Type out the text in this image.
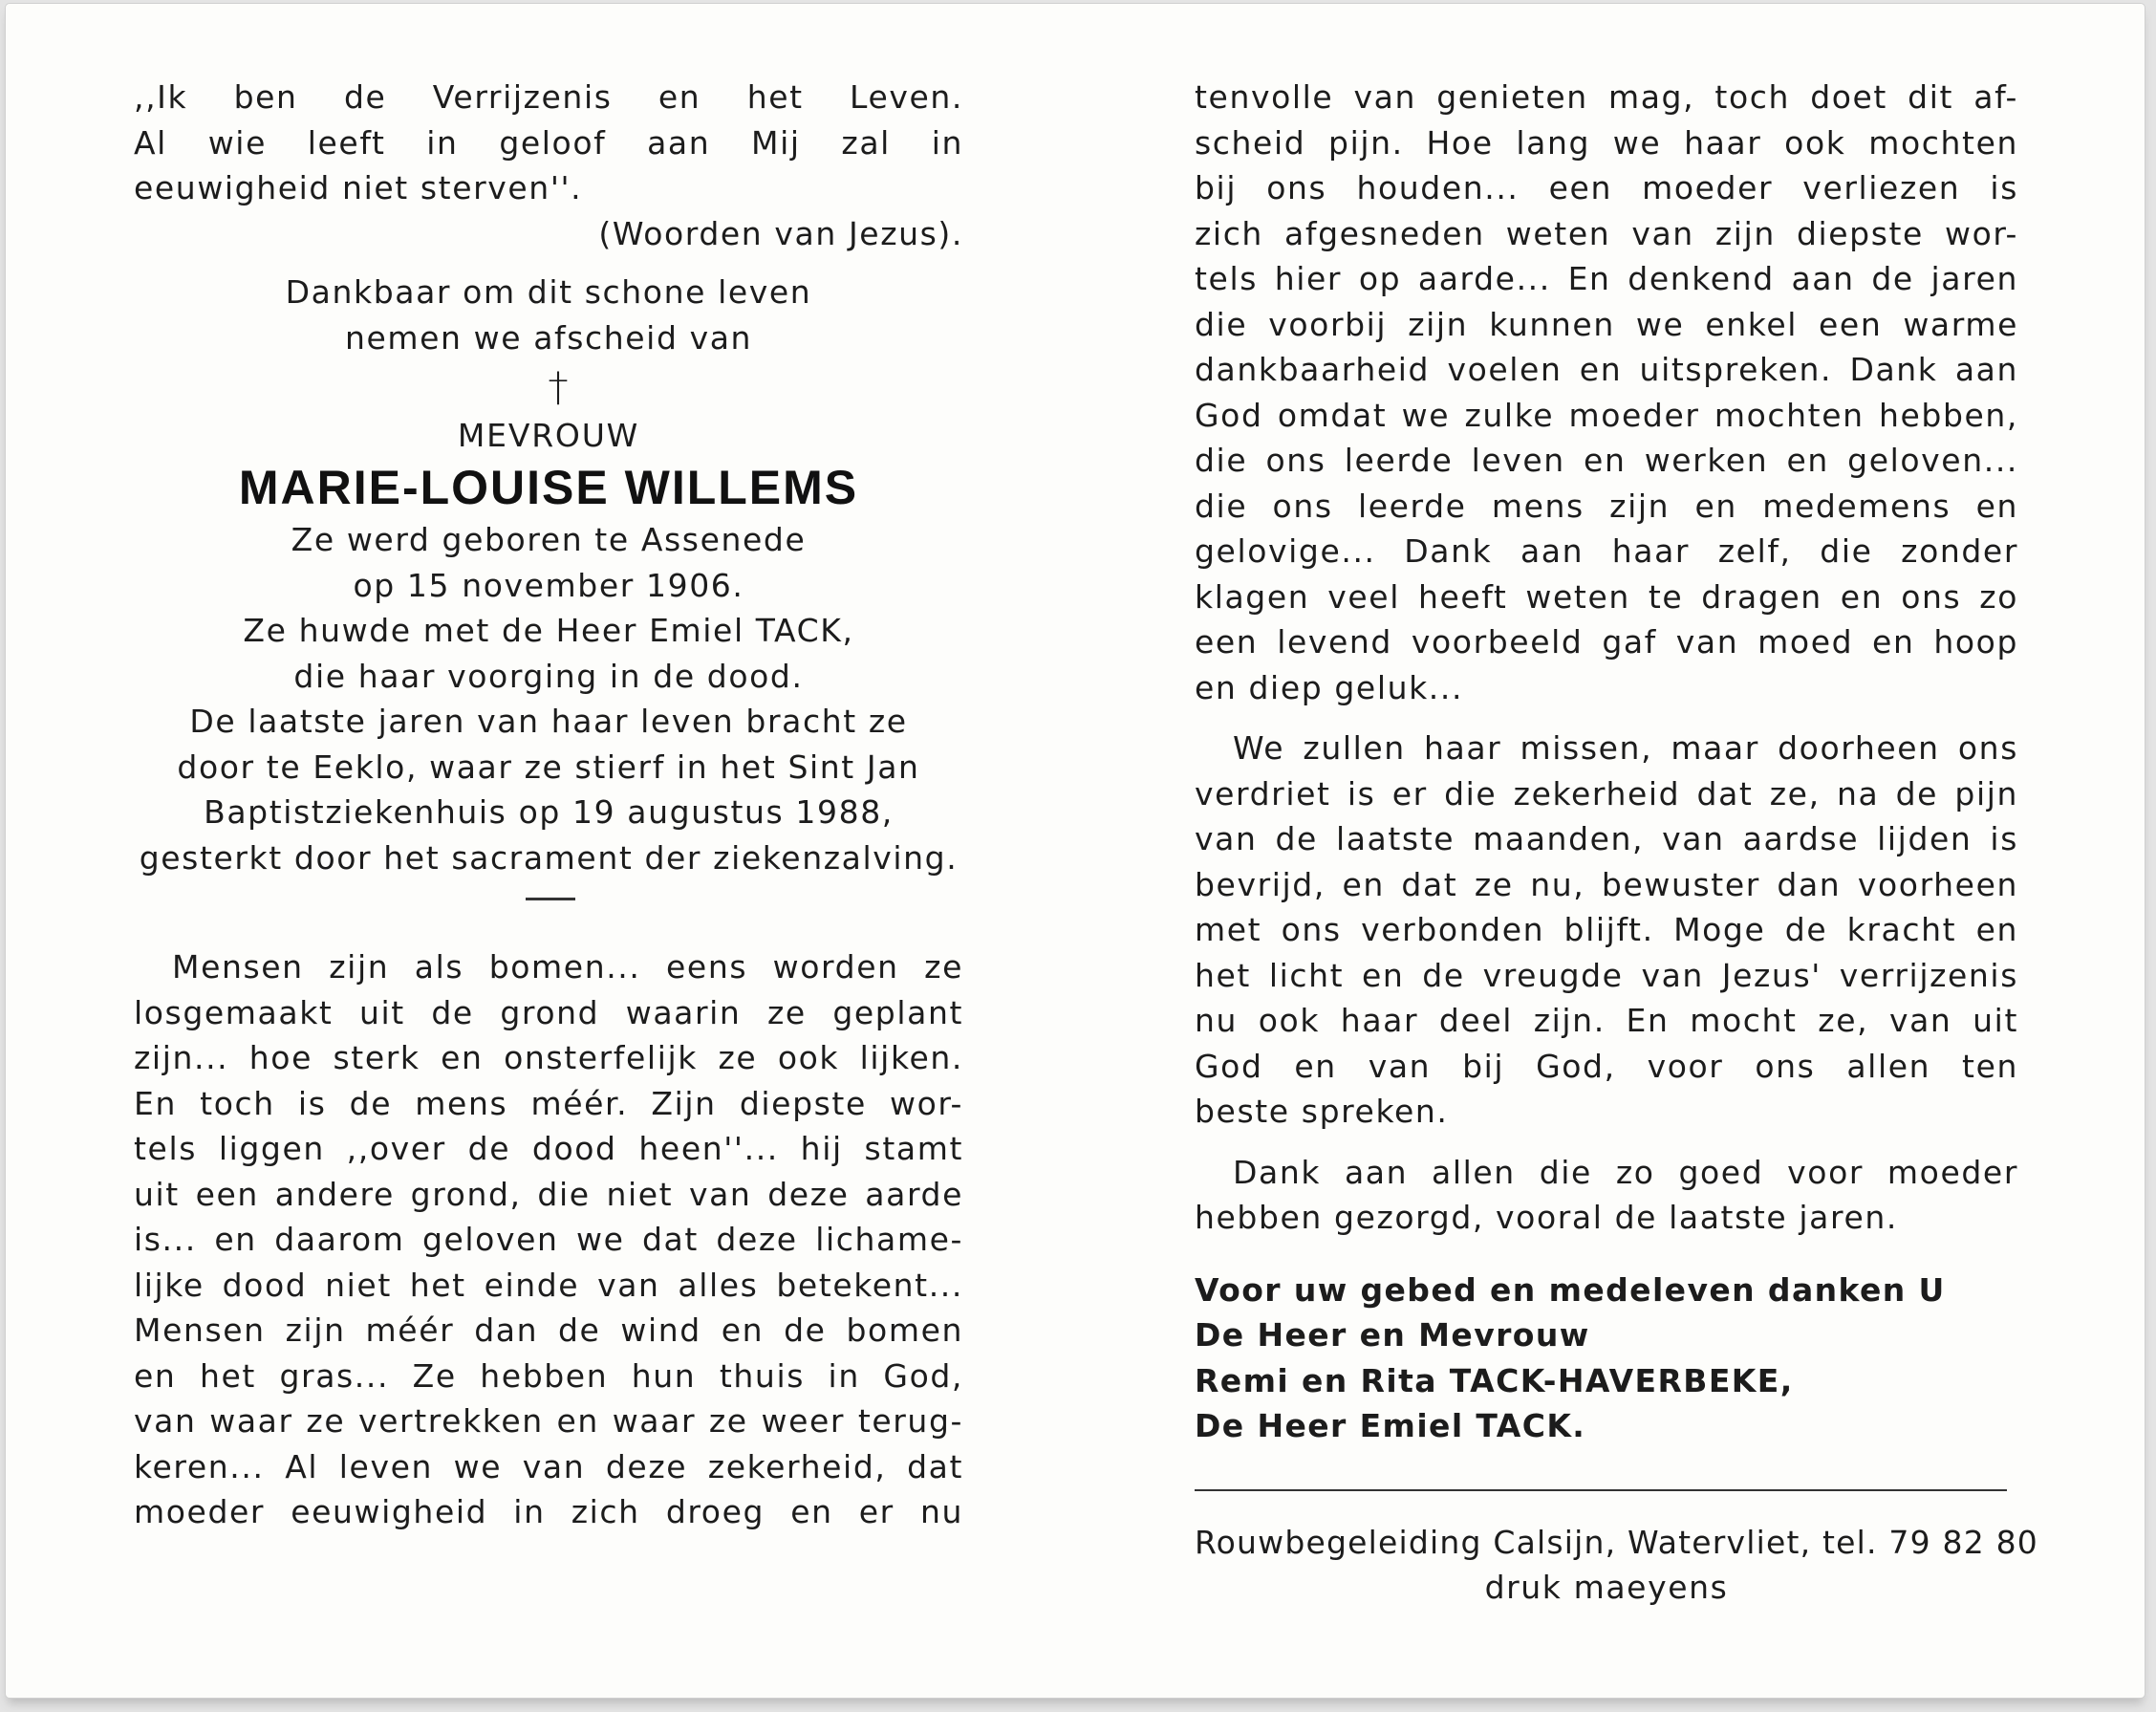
,,Ik ben de Verrijzenis en het Leven.
Al wie leeft in geloof aan Mij zal in
eeuwigheid niet sterven''.
(Woorden van Jezus).
Dankbaar om dit schone leven
nemen we afscheid van
†
MEVROUW
MARIE-LOUISE WILLEMS
Ze werd geboren te Assenede
op 15 november 1906.
Ze huwde met de Heer Emiel TACK,
die haar voorging in de dood.
De laatste jaren van haar leven bracht ze
door te Eeklo, waar ze stierf in het Sint Jan
Baptistziekenhuis op 19 augustus 1988,
gesterkt door het sacrament der ziekenzalving.
Mensen zijn als bomen... eens worden ze
losgemaakt uit de grond waarin ze geplant
zijn... hoe sterk en onsterfelijk ze ook lijken.
En toch is de mens méér. Zijn diepste wor-
tels liggen ,,over de dood heen''... hij stamt
uit een andere grond, die niet van deze aarde
is... en daarom geloven we dat deze lichame-
lijke dood niet het einde van alles betekent...
Mensen zijn méér dan de wind en de bomen
en het gras... Ze hebben hun thuis in God,
van waar ze vertrekken en waar ze weer terug-
keren... Al leven we van deze zekerheid, dat
moeder eeuwigheid in zich droeg en er nu
tenvolle van genieten mag, toch doet dit af-
scheid pijn. Hoe lang we haar ook mochten
bij ons houden... een moeder verliezen is
zich afgesneden weten van zijn diepste wor-
tels hier op aarde... En denkend aan de jaren
die voorbij zijn kunnen we enkel een warme
dankbaarheid voelen en uitspreken. Dank aan
God omdat we zulke moeder mochten hebben,
die ons leerde leven en werken en geloven...
die ons leerde mens zijn en medemens en
gelovige... Dank aan haar zelf, die zonder
klagen veel heeft weten te dragen en ons zo
een levend voorbeeld gaf van moed en hoop
en diep geluk...
We zullen haar missen, maar doorheen ons
verdriet is er die zekerheid dat ze, na de pijn
van de laatste maanden, van aardse lijden is
bevrijd, en dat ze nu, bewuster dan voorheen
met ons verbonden blijft. Moge de kracht en
het licht en de vreugde van Jezus' verrijzenis
nu ook haar deel zijn. En mocht ze, van uit
God en van bij God, voor ons allen ten
beste spreken.
Dank aan allen die zo goed voor moeder
hebben gezorgd, vooral de laatste jaren.
Voor uw gebed en medeleven danken U
De Heer en Mevrouw
Remi en Rita TACK-HAVERBEKE,
De Heer Emiel TACK.
Rouwbegeleiding Calsijn, Watervliet, tel. 79 82 80
druk maeyens
